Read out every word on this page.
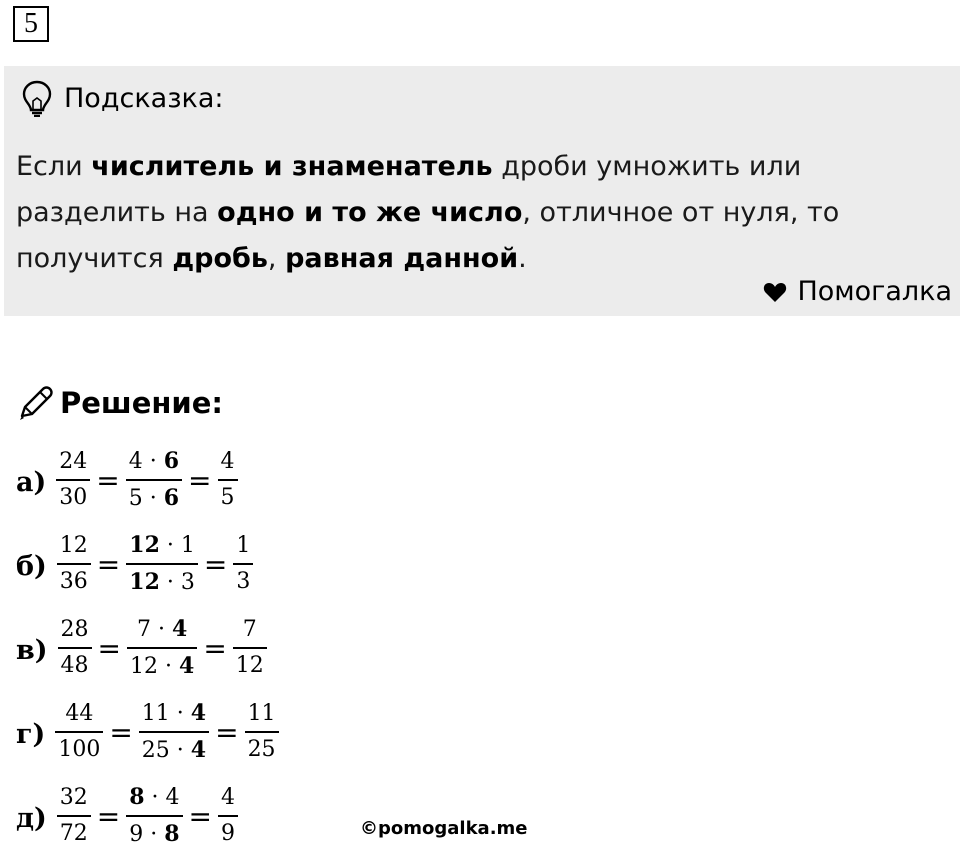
5
Подсказка:
Если числитель и знаменатель дроби умножить или
разделить на одно и то же число, отличное от нуля, то
получится дробь, равная данной.
Помогалка
Решение:
$а) \frac{24}{30} = \frac{4 \cdot 6}{5 \cdot 6} = \frac{4}{5}$
$б) \frac{12}{36} = \frac{12 \cdot 1}{12 \cdot 3} = \frac{1}{3}$
$в) \frac{28}{48} = \frac{7 \cdot 4}{12 \cdot 4} = \frac{7}{12}$
$г) \frac{44}{100} = \frac{11 \cdot 4}{25 \cdot 4} = \frac{11}{25}$
$д) \frac{32}{72} = \frac{8 \cdot 4}{9 \cdot 8} = \frac{4}{9}$	©pomogalka.me
